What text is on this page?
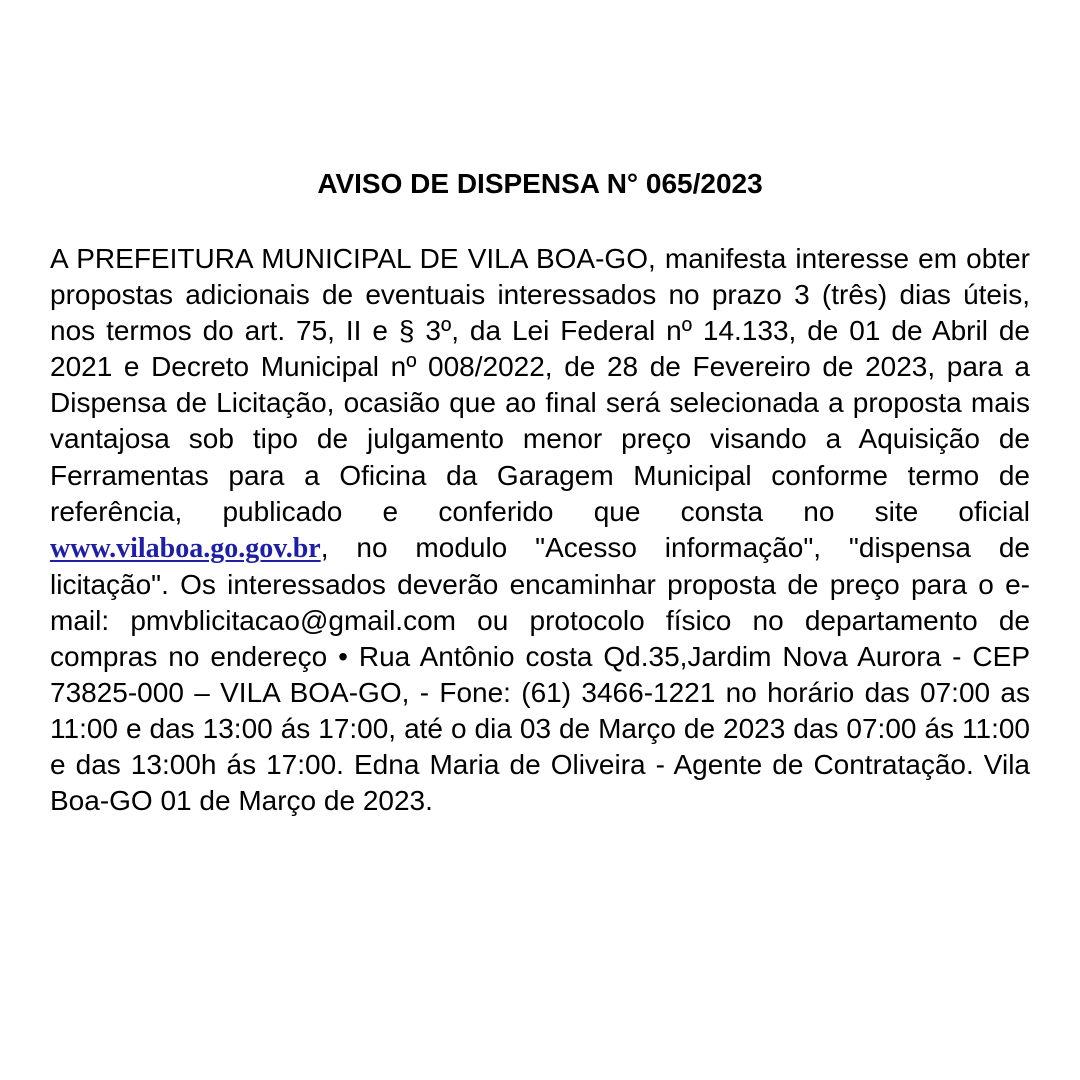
AVISO DE DISPENSA N° 065/2023

A PREFEITURA MUNICIPAL DE VILA BOA-GO, manifesta interesse em obter propostas adicionais de eventuais interessados no prazo 3 (três) dias úteis, nos termos do art. 75, II e § 3º, da Lei Federal nº 14.133, de 01 de Abril de 2021 e Decreto Municipal nº 008/2022, de 28 de Fevereiro de 2023, para a Dispensa de Licitação, ocasião que ao final será selecionada a proposta mais vantajosa sob tipo de julgamento menor preço visando a Aquisição de Ferramentas para a Oficina da Garagem Municipal conforme termo de referência, publicado e conferido que consta no site oficial www.vilaboa.go.gov.br, no modulo "Acesso informação", "dispensa de licitação". Os interessados deverão encaminhar proposta de preço para o e-mail: pmvblicitacao@gmail.com ou protocolo físico no departamento de compras no endereço • Rua Antônio costa Qd.35,Jardim Nova Aurora - CEP 73825-000 – VILA BOA-GO, - Fone: (61) 3466-1221 no horário das 07:00 as 11:00 e das 13:00 ás 17:00, até o dia 03 de Março de 2023 das 07:00 ás 11:00 e das 13:00h ás 17:00. Edna Maria de Oliveira - Agente de Contratação. Vila Boa-GO 01 de Março de 2023.
